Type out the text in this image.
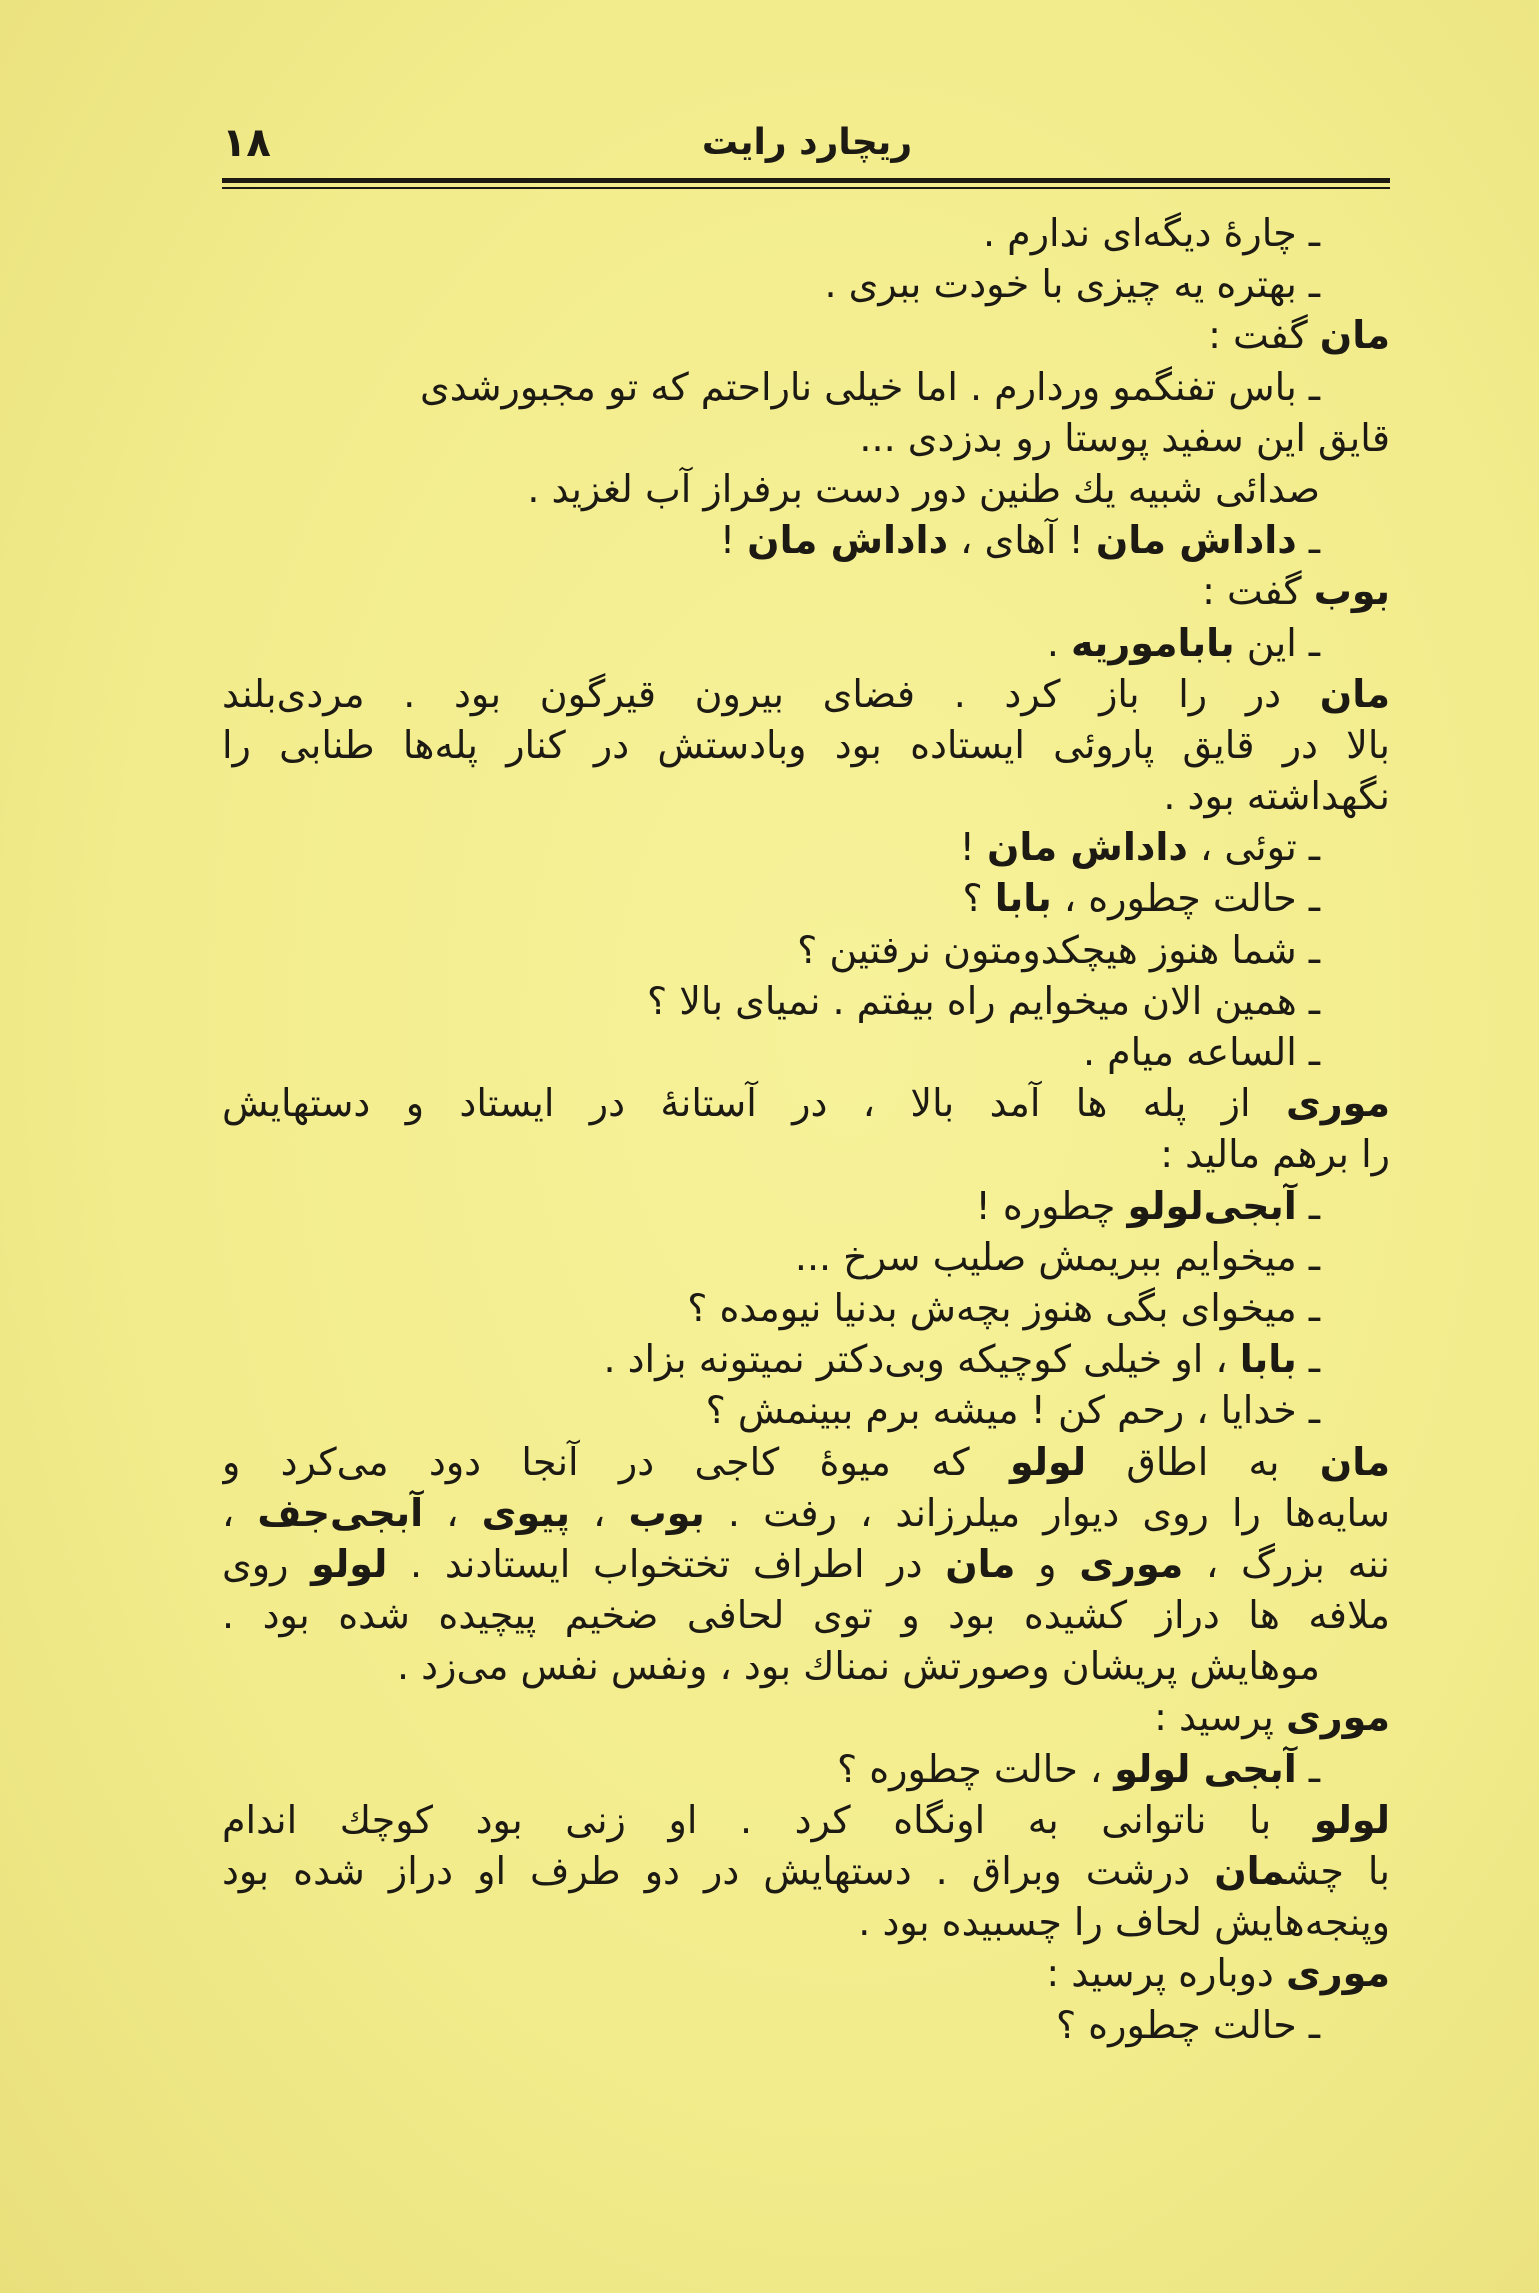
۱۸	ریچارد رایت
ـ چارهٔ دیگه‌ای ندارم .
ـ بهتره یه چیزی با خودت ببری .
مان گفت :
ـ باس تفنگمو وردارم . اما خیلی ناراحتم که تو مجبورشدی
قایق این سفید پوستا رو بدزدی ...
صدائی شبیه یك طنین دور دست برفراز آب لغزید .
ـ داداش مان ! آهای ، داداش مان !
بوب گفت :
ـ این باباموریه .
مان در را باز کرد . فضای بیرون قیرگون بود . مردی‌بلند
بالا در قایق پاروئی ایستاده بود وبادستش در کنار پله‌ها طنابی را
نگهداشته بود .
ـ توئی ، داداش مان !
ـ حالت چطوره ، بابا ؟
ـ شما هنوز هیچکدومتون نرفتین ؟
ـ همین الان میخوایم راه بیفتم . نمیای بالا ؟
ـ الساعه میام .
موری از پله ها آمد بالا ، در آستانهٔ در ایستاد و دستهایش
را برهم مالید :
ـ آبجی‌لولو چطوره !
ـ میخوایم ببریمش صلیب سرخ ...
ـ میخوای بگی هنوز بچه‌ش بدنیا نیومده ؟
ـ بابا ، او خیلی کوچیکه وبی‌دکتر نمیتونه بزاد .
ـ خدایا ، رحم کن ! میشه برم ببینمش ؟
مان به اطاق لولو که میوهٔ کاجی در آنجا دود می‌کرد و
سایه‌ها را روی دیوار میلرزاند ، رفت . بوب ، پیوی ، آبجی‌جف ،
ننه بزرگ ، موری و مان در اطراف تختخواب ایستادند . لولو روی
ملافه ها دراز کشیده بود و توی لحافی ضخیم پیچیده شده بود .
موهایش پریشان وصورتش نمناك بود ، ونفس نفس می‌زد .
موری پرسید :
ـ آبجی لولو ، حالت چطوره ؟
لولو با ناتوانی به اونگاه کرد . او زنی بود کوچك اندام
با چشمان درشت وبراق . دستهایش در دو طرف او دراز شده بود
وپنجه‌هایش لحاف را چسبیده بود .
موری دوباره پرسید :
ـ حالت چطوره ؟
